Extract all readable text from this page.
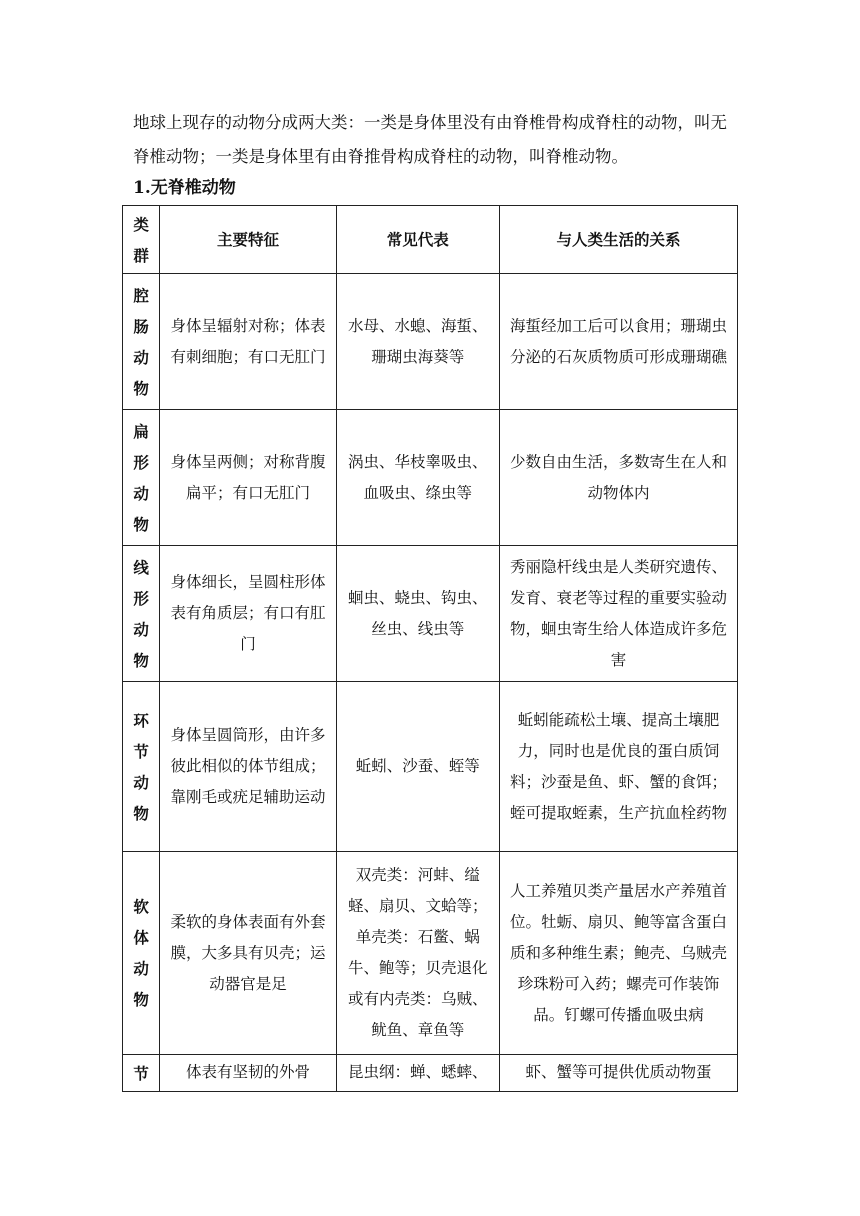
地球上现存的动物分成两大类：一类是身体里没有由脊椎骨构成脊柱的动物，叫无脊椎动物；一类是身体里有由脊推骨构成脊柱的动物，叫脊椎动物。

1.无脊椎动物

类群	主要特征	常见代表	与人类生活的关系
腔肠动物	身体呈辐射对称；体表有刺细胞；有口无肛门	水母、水螅、海蜇、珊瑚虫海葵等	海蜇经加工后可以食用；珊瑚虫分泌的石灰质物质可形成珊瑚礁
扁形动物	身体呈两侧；对称背腹扁平；有口无肛门	涡虫、华枝睾吸虫、血吸虫、绦虫等	少数自由生活，多数寄生在人和动物体内
线形动物	身体细长，呈圆柱形体表有角质层；有口有肛门	蛔虫、蛲虫、钩虫、丝虫、线虫等	秀丽隐杆线虫是人类研究遗传、发育、衰老等过程的重要实验动物，蛔虫寄生给人体造成许多危害
环节动物	身体呈圆筒形，由许多彼此相似的体节组成；靠刚毛或疣足辅助运动	蚯蚓、沙蚕、蛭等	蚯蚓能疏松土壤、提高土壤肥力，同时也是优良的蛋白质饲料；沙蚕是鱼、虾、蟹的食饵；蛭可提取蛭素，生产抗血栓药物
软体动物	柔软的身体表面有外套膜，大多具有贝壳；运动器官是足	双壳类：河蚌、缢蛏、扇贝、文蛤等；单壳类：石鳖、蜗牛、鲍等；贝壳退化或有内壳类：乌贼、鱿鱼、章鱼等	人工养殖贝类产量居水产养殖首位。牡蛎、扇贝、鲍等富含蛋白质和多种维生素；鲍壳、乌贼壳珍珠粉可入药；螺壳可作装饰品。钉螺可传播血吸虫病
节	体表有坚韧的外骨	昆虫纲：蝉、蟋蟀、	虾、蟹等可提供优质动物蛋
